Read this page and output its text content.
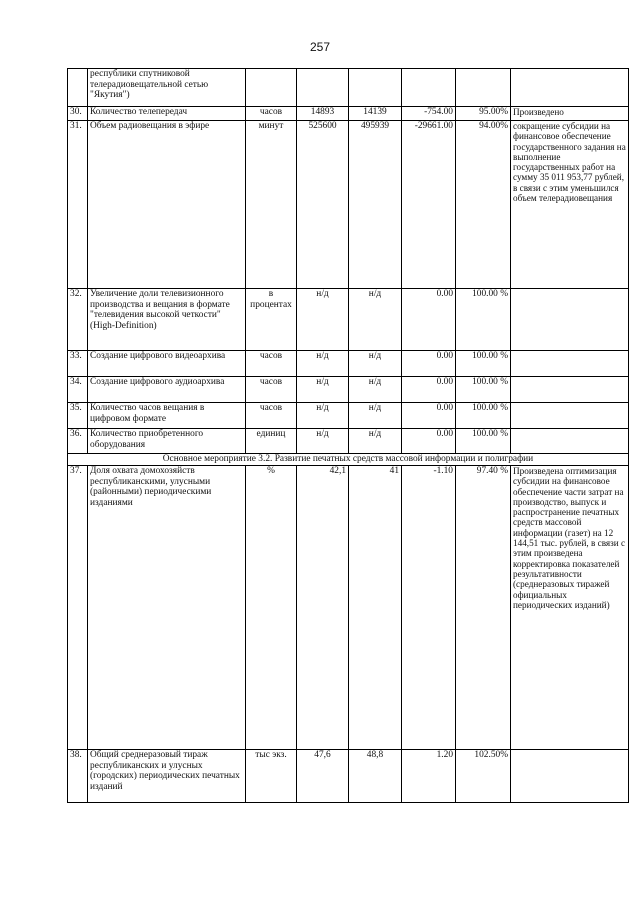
257
	республики спутниковой телерадиовещательной сетью "Якутия")						
30.	Количество телепередач	часов	14893	14139	-754.00	95.00%	Произведено
31.	Объем радиовещания в эфире	минут	525600	495939	-29661.00	94.00%	сокращение субсидии на финансовое обеспечение государственного задания на выполнение государственных работ на сумму 35 011 953,77 рублей, в связи с этим уменьшился объем телерадиовещания
32.	Увеличение доли телевизионного производства и вещания в формате "телевидения высокой четкости" (High-Definition)	в процентах	н/д	н/д	0.00	100.00 %	
33.	Создание цифрового видеоархива	часов	н/д	н/д	0.00	100.00 %	
34.	Создание цифрового аудиоархива	часов	н/д	н/д	0.00	100.00 %	
35.	Количество часов вещания в цифровом формате	часов	н/д	н/д	0.00	100.00 %	
36.	Количество приобретенного оборудования	единиц	н/д	н/д	0.00	100.00 %	
Основное мероприятие 3.2. Развитие печатных средств массовой информации и полиграфии							
37.	Доля охвата домохозяйств республиканскими, улусными (районными) периодическими изданиями	%	42,1	41	-1.10	97.40 %	Произведена оптимизация субсидии на финансовое обеспечение части затрат на производство, выпуск и распространение печатных средств массовой информации (газет) на 12 144,51 тыс. рублей, в связи с этим произведена корректировка показателей результативности (среднеразовых тиражей официальных периодических изданий)
38.	Общий среднеразовый тираж республиканских и улусных (городских) периодических печатных изданий	тыс экз.	47,6	48,8	1.20	102.50%	
